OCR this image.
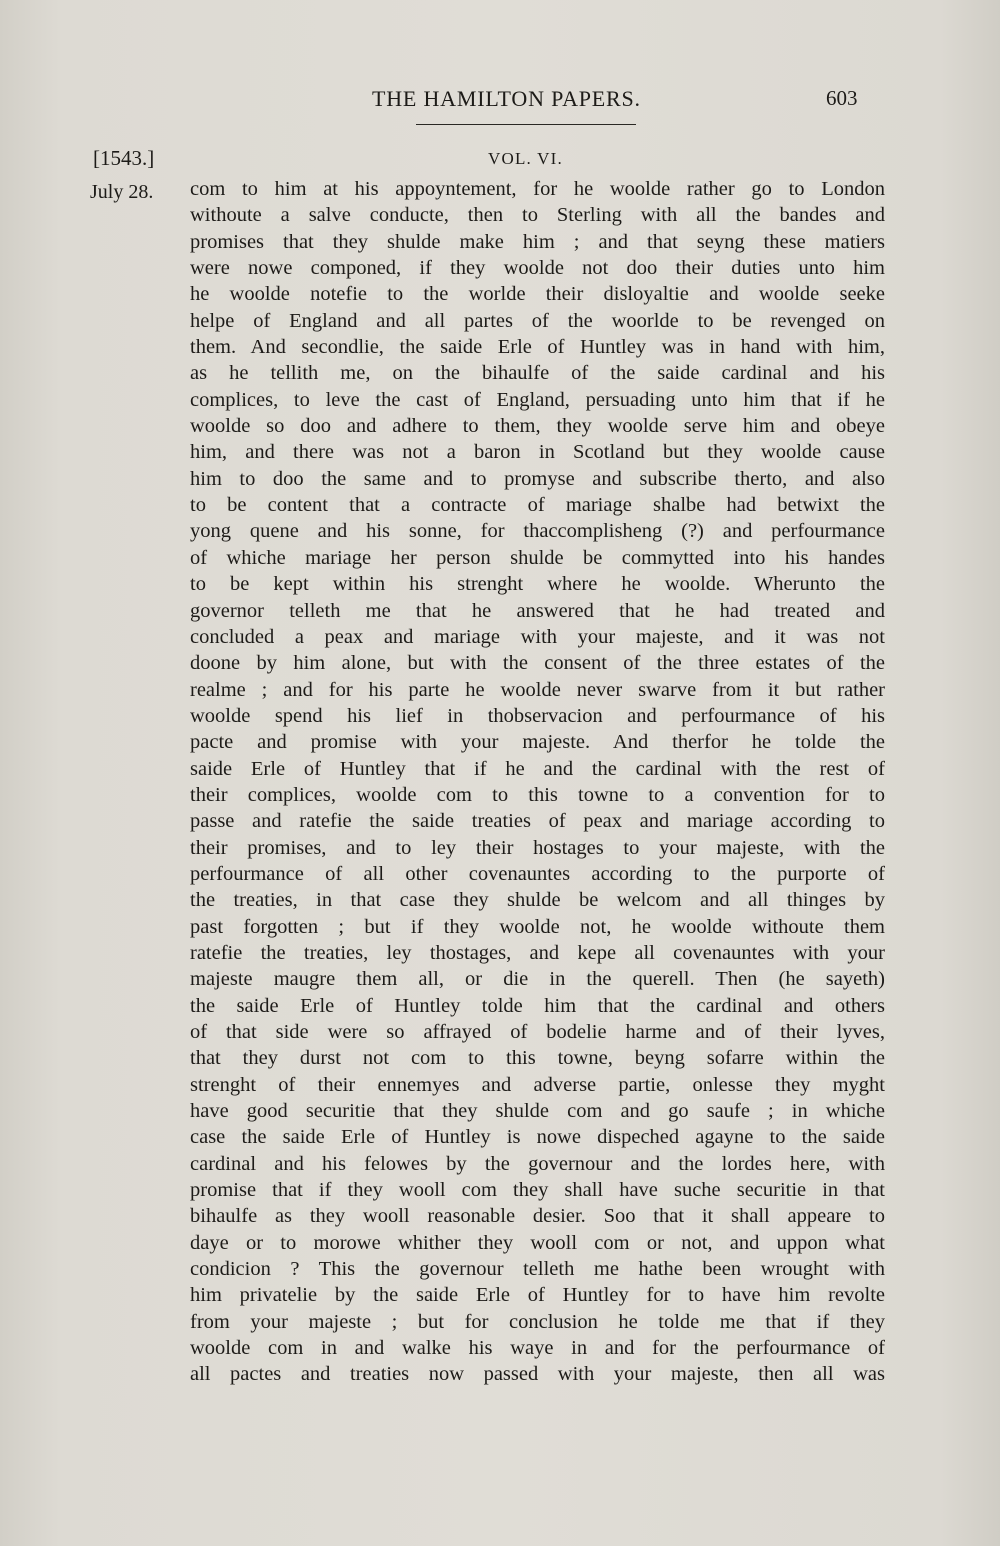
THE HAMILTON PAPERS.	603
[1543.]	VOL. VI.
July 28. com to him at his appoyntement, for he woolde rather go to London
withoute a salve conducte, then to Sterling with all the bandes and
promises that they shulde make him ; and that seyng these matiers
were nowe componed, if they woolde not doo their duties unto him
he woolde notefie to the worlde their disloyaltie and woolde seeke
helpe of England and all partes of the woorlde to be revenged on
them. And secondlie, the saide Erle of Huntley was in hand with him,
as he tellith me, on the bihaulfe of the saide cardinal and his
complices, to leve the cast of England, persuading unto him that if he
woolde so doo and adhere to them, they woolde serve him and obeye
him, and there was not a baron in Scotland but they woolde cause
him to doo the same and to promyse and subscribe therto, and also
to be content that a contracte of mariage shalbe had betwixt the
yong quene and his sonne, for thaccomplisheng (?) and perfourmance
of whiche mariage her person shulde be commytted into his handes
to be kept within his strenght where he woolde. Wherunto the
governor telleth me that he answered that he had treated and
concluded a peax and mariage with your majeste, and it was not
doone by him alone, but with the consent of the three estates of the
realme ; and for his parte he woolde never swarve from it but rather
woolde spend his lief in thobservacion and perfourmance of his
pacte and promise with your majeste. And therfor he tolde the
saide Erle of Huntley that if he and the cardinal with the rest of
their complices, woolde com to this towne to a convention for to
passe and ratefie the saide treaties of peax and mariage according to
their promises, and to ley their hostages to your majeste, with the
perfourmance of all other covenauntes according to the purporte of
the treaties, in that case they shulde be welcom and all thinges by
past forgotten ; but if they woolde not, he woolde withoute them
ratefie the treaties, ley thostages, and kepe all covenauntes with your
majeste maugre them all, or die in the querell. Then (he sayeth)
the saide Erle of Huntley tolde him that the cardinal and others
of that side were so affrayed of bodelie harme and of their lyves,
that they durst not com to this towne, beyng sofarre within the
strenght of their ennemyes and adverse partie, onlesse they myght
have good securitie that they shulde com and go saufe ; in whiche
case the saide Erle of Huntley is nowe dispeched agayne to the saide
cardinal and his felowes by the governour and the lordes here, with
promise that if they wooll com they shall have suche securitie in that
bihaulfe as they wooll reasonable desier. Soo that it shall appeare to
daye or to morowe whither they wooll com or not, and uppon what
condicion ? This the governour telleth me hathe been wrought with
him privatelie by the saide Erle of Huntley for to have him revolte
from your majeste ; but for conclusion he tolde me that if they
woolde com in and walke his waye in and for the perfourmance of
all pactes and treaties now passed with your majeste, then all was
